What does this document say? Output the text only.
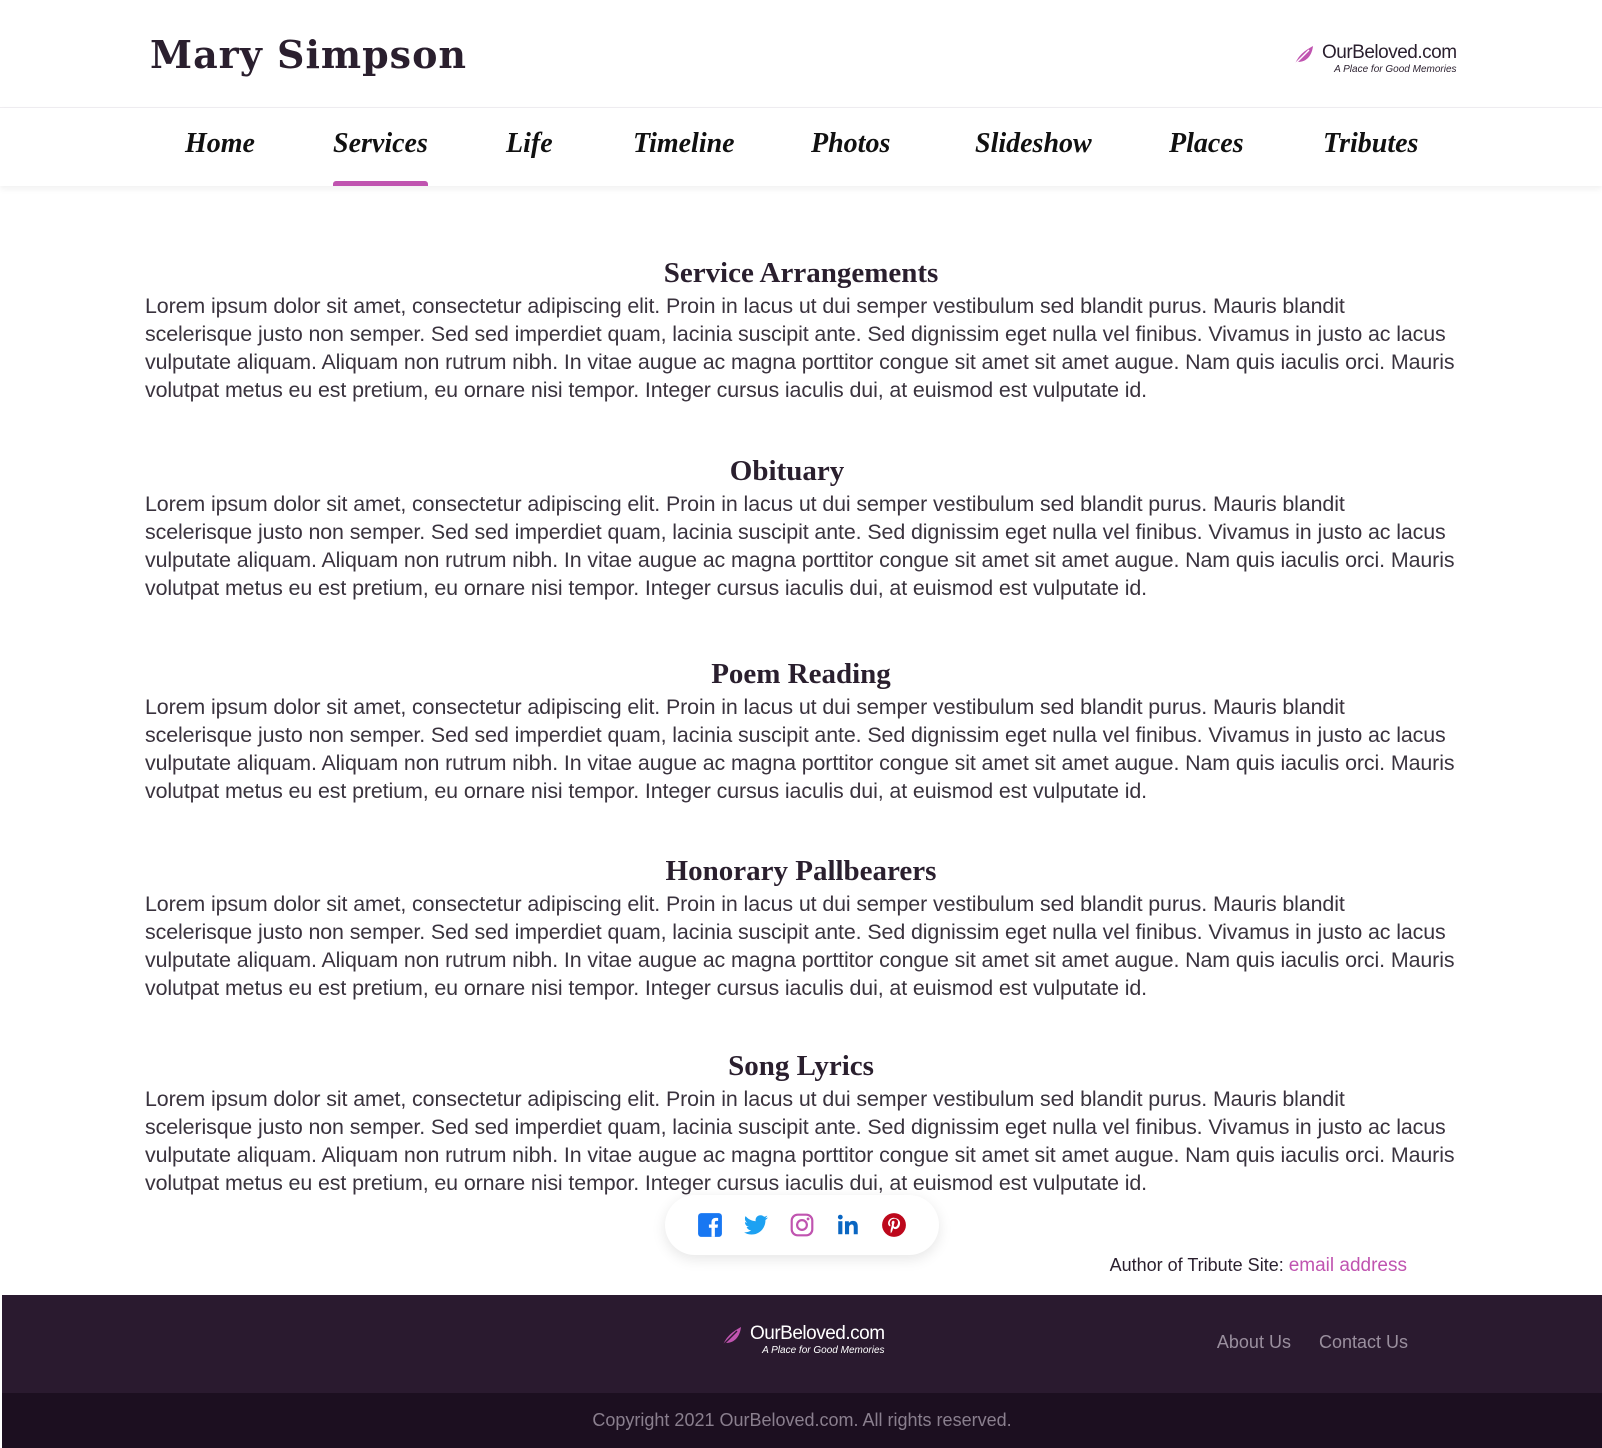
Mary Simpson	OurBeloved.com
A Place for Good Memories
Home	Services	Life	Timeline	Photos	Slideshow	Places	Tributes
Service Arrangements

Lorem ipsum dolor sit amet, consectetur adipiscing elit. Proin in lacus ut dui semper vestibulum sed blandit purus. Mauris blandit scelerisque justo non semper. Sed sed imperdiet quam, lacinia suscipit ante. Sed dignissim eget nulla vel finibus. Vivamus in justo ac lacus vulputate aliquam. Aliquam non rutrum nibh. In vitae augue ac magna porttitor congue sit amet sit amet augue. Nam quis iaculis orci. Mauris volutpat metus eu est pretium, eu ornare nisi tempor. Integer cursus iaculis dui, at euismod est vulputate id.

Obituary

Lorem ipsum dolor sit amet, consectetur adipiscing elit. Proin in lacus ut dui semper vestibulum sed blandit purus. Mauris blandit scelerisque justo non semper. Sed sed imperdiet quam, lacinia suscipit ante. Sed dignissim eget nulla vel finibus. Vivamus in justo ac lacus vulputate aliquam. Aliquam non rutrum nibh. In vitae augue ac magna porttitor congue sit amet sit amet augue. Nam quis iaculis orci. Mauris volutpat metus eu est pretium, eu ornare nisi tempor. Integer cursus iaculis dui, at euismod est vulputate id.

Poem Reading

Lorem ipsum dolor sit amet, consectetur adipiscing elit. Proin in lacus ut dui semper vestibulum sed blandit purus. Mauris blandit scelerisque justo non semper. Sed sed imperdiet quam, lacinia suscipit ante. Sed dignissim eget nulla vel finibus. Vivamus in justo ac lacus vulputate aliquam. Aliquam non rutrum nibh. In vitae augue ac magna porttitor congue sit amet sit amet augue. Nam quis iaculis orci. Mauris volutpat metus eu est pretium, eu ornare nisi tempor. Integer cursus iaculis dui, at euismod est vulputate id.

Honorary Pallbearers

Lorem ipsum dolor sit amet, consectetur adipiscing elit. Proin in lacus ut dui semper vestibulum sed blandit purus. Mauris blandit scelerisque justo non semper. Sed sed imperdiet quam, lacinia suscipit ante. Sed dignissim eget nulla vel finibus. Vivamus in justo ac lacus vulputate aliquam. Aliquam non rutrum nibh. In vitae augue ac magna porttitor congue sit amet sit amet augue. Nam quis iaculis orci. Mauris volutpat metus eu est pretium, eu ornare nisi tempor. Integer cursus iaculis dui, at euismod est vulputate id.

Song Lyrics

Lorem ipsum dolor sit amet, consectetur adipiscing elit. Proin in lacus ut dui semper vestibulum sed blandit purus. Mauris blandit scelerisque justo non semper. Sed sed imperdiet quam, lacinia suscipit ante. Sed dignissim eget nulla vel finibus. Vivamus in justo ac lacus vulputate aliquam. Aliquam non rutrum nibh. In vitae augue ac magna porttitor congue sit amet sit amet augue. Nam quis iaculis orci. Mauris volutpat metus eu est pretium, eu ornare nisi tempor. Integer cursus iaculis dui, at euismod est vulputate id.

Author of Tribute Site: email address
OurBeloved.com
A Place for Good Memories	About Us Contact Us
Copyright 2021 OurBeloved.com. All rights reserved.
